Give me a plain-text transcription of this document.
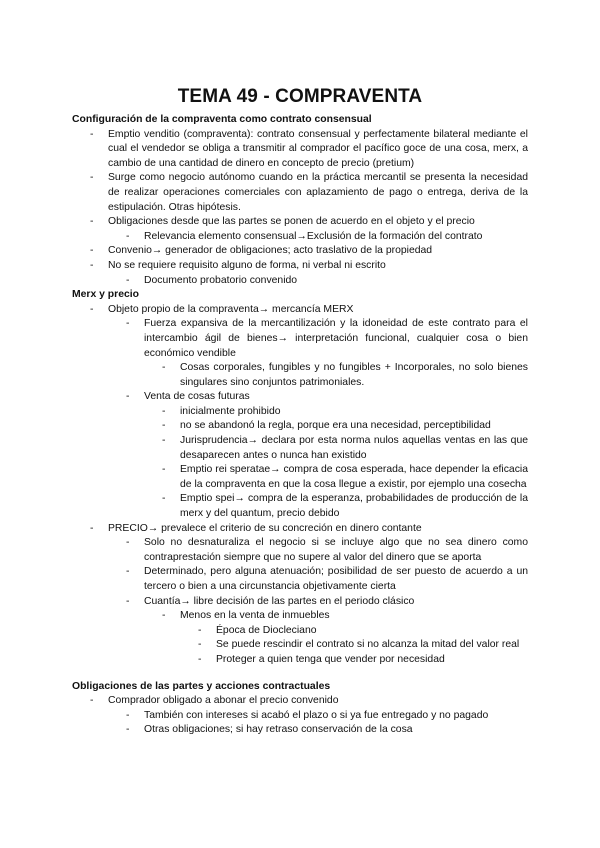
TEMA 49 - COMPRAVENTA

Configuración de la compraventa como contrato consensual

- Emptio venditio (compraventa): contrato consensual y perfectamente bilateral mediante el cual el vendedor se obliga a transmitir al comprador el pacífico goce de una cosa, merx, a cambio de una cantidad de dinero en concepto de precio (pretium)
- Surge como negocio autónomo cuando en la práctica mercantil se presenta la necesidad de realizar operaciones comerciales con aplazamiento de pago o entrega, deriva de la estipulación. Otras hipótesis.
- Obligaciones desde que las partes se ponen de acuerdo en el objeto y el precio
- Relevancia elemento consensual→Exclusión de la formación del contrato
- Convenio→ generador de obligaciones; acto traslativo de la propiedad
- No se requiere requisito alguno de forma, ni verbal ni escrito
- Documento probatorio convenido

Merx y precio

- Objeto propio de la compraventa→ mercancía MERX
- Fuerza expansiva de la mercantilización y la idoneidad de este contrato para el intercambio ágil de bienes→ interpretación funcional, cualquier cosa o bien económico vendible
- Cosas corporales, fungibles y no fungibles + Incorporales, no solo bienes singulares sino conjuntos patrimoniales.
- Venta de cosas futuras
- inicialmente prohibido
- no se abandonó la regla, porque era una necesidad, perceptibilidad
- Jurisprudencia→ declara por esta norma nulos aquellas ventas en las que desaparecen antes o nunca han existido
- Emptio rei speratae→ compra de cosa esperada, hace depender la eficacia de la compraventa en que la cosa llegue a existir, por ejemplo una cosecha
- Emptio spei→ compra de la esperanza, probabilidades de producción de la merx y del quantum, precio debido
- PRECIO→ prevalece el criterio de su concreción en dinero contante
- Solo no desnaturaliza el negocio si se incluye algo que no sea dinero como contraprestación siempre que no supere al valor del dinero que se aporta
- Determinado, pero alguna atenuación; posibilidad de ser puesto de acuerdo a un tercero o bien a una circunstancia objetivamente cierta
- Cuantía→ libre decisión de las partes en el periodo clásico
- Menos en la venta de inmuebles
- Época de Diocleciano
- Se puede rescindir el contrato si no alcanza la mitad del valor real
- Proteger a quien tenga que vender por necesidad

Obligaciones de las partes y acciones contractuales

- Comprador obligado a abonar el precio convenido
- También con intereses si acabó el plazo o si ya fue entregado y no pagado
- Otras obligaciones; si hay retraso conservación de la cosa
